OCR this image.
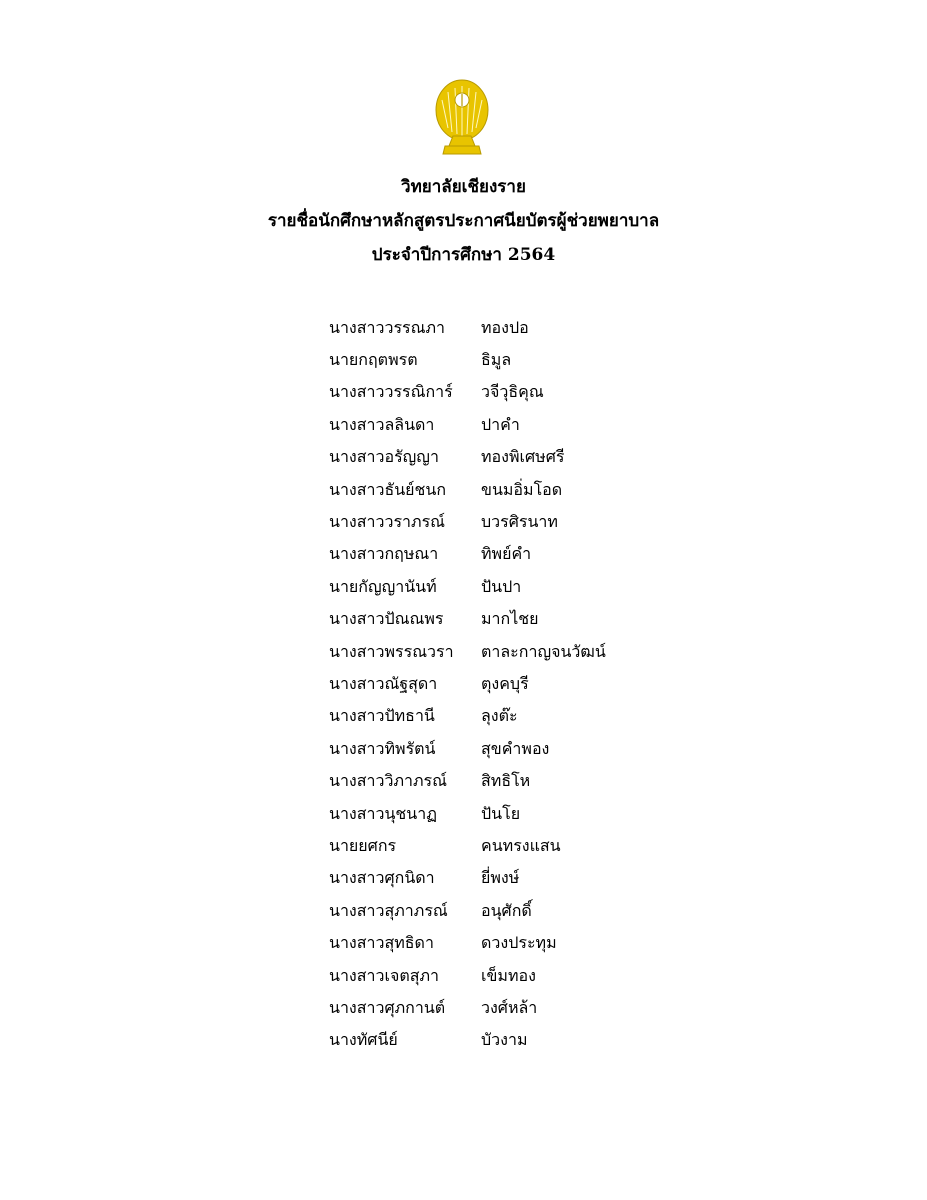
วิทยาลัยเชียงราย
รายชื่อนักศึกษาหลักสูตรประกาศนียบัตรผู้ช่วยพยาบาล
ประจำปีการศึกษา 2564
นางสาววรรณภา	ทองปอ
นายกฤตพรต	ธิมูล
นางสาววรรณิการ์	วจีวุธิคุณ
นางสาวลลินดา	ปาคำ
นางสาวอรัญญา	ทองพิเศษศรี
นางสาวธันย์ชนก	ขนมอิ่มโอด
นางสาววราภรณ์	บวรศิรนาท
นางสาวกฤษณา	ทิพย์คำ
นายกัญญานันท์	ปันปา
นางสาวปัณณพร	มากไชย
นางสาวพรรณวรา	ตาละกาญจนวัฒน์
นางสาวณัฐสุดา	ตุงคบุรี
นางสาวปัทธานี	ลุงต๊ะ
นางสาวทิพรัตน์	สุขคำพอง
นางสาววิภาภรณ์	สิทธิโห
นางสาวนุชนาฏ	ปันโย
นายยศกร	คนทรงแสน
นางสาวศุกนิดา	ยี่พงษ์
นางสาวสุภาภรณ์	อนุศักดิ์
นางสาวสุทธิดา	ดวงประทุม
นางสาวเจตสุภา	เข็มทอง
นางสาวศุภกานต์	วงศ์หล้า
นางทัศนีย์	บัวงาม
